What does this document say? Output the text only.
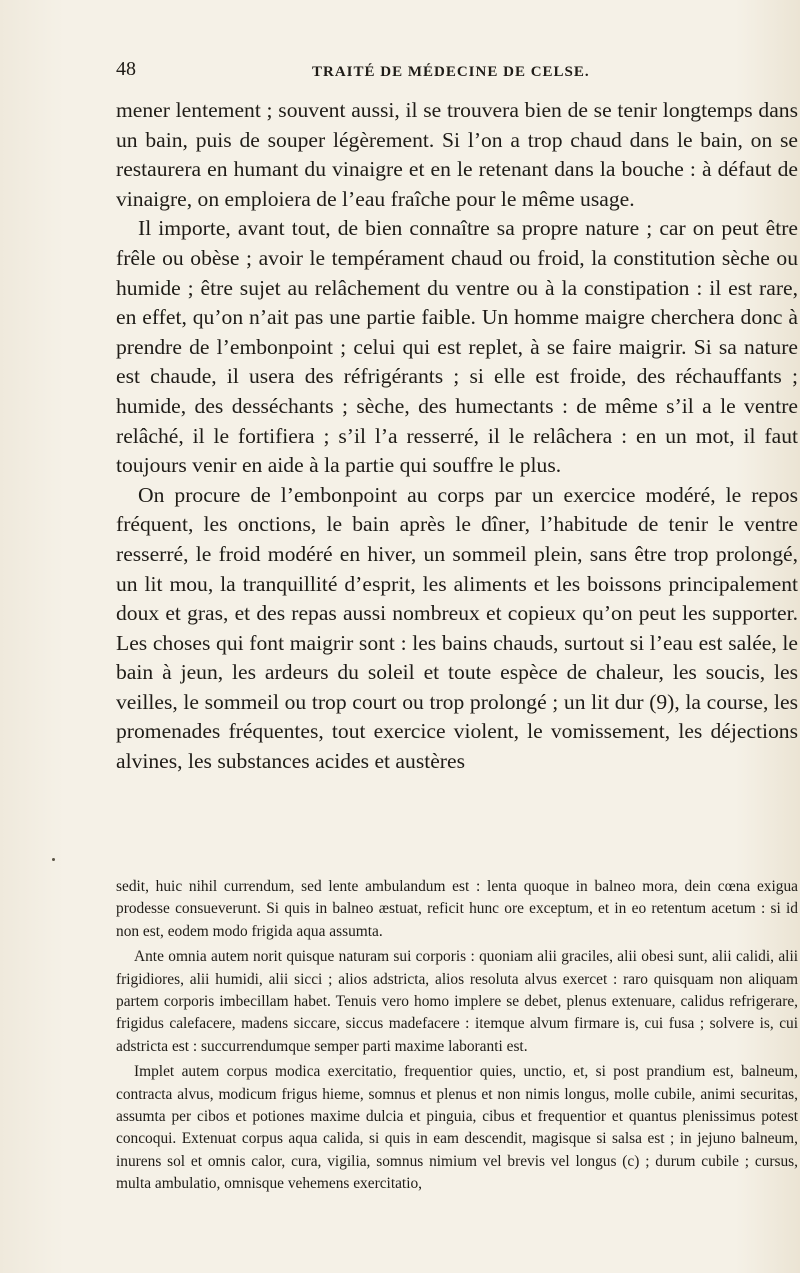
48	TRAITÉ DE MÉDECINE DE CELSE.

mener lentement ; souvent aussi, il se trouvera bien de se tenir longtemps dans un bain, puis de souper légèrement. Si l’on a trop chaud dans le bain, on se restaurera en humant du vinaigre et en le retenant dans la bouche : à défaut de vinaigre, on emploiera de l’eau fraîche pour le même usage.

Il importe, avant tout, de bien connaître sa propre nature ; car on peut être frêle ou obèse ; avoir le tempérament chaud ou froid, la constitution sèche ou humide ; être sujet au relâchement du ventre ou à la constipation : il est rare, en effet, qu’on n’ait pas une partie faible. Un homme maigre cherchera donc à prendre de l’embonpoint ; celui qui est replet, à se faire maigrir. Si sa nature est chaude, il usera des réfrigérants ; si elle est froide, des réchauffants ; humide, des desséchants ; sèche, des humectants : de même s’il a le ventre relâché, il le fortifiera ; s’il l’a resserré, il le relâchera : en un mot, il faut toujours venir en aide à la partie qui souffre le plus.

On procure de l’embonpoint au corps par un exercice modéré, le repos fréquent, les onctions, le bain après le dîner, l’habitude de tenir le ventre resserré, le froid modéré en hiver, un sommeil plein, sans être trop prolongé, un lit mou, la tranquillité d’esprit, les aliments et les boissons principalement doux et gras, et des repas aussi nombreux et copieux qu’on peut les supporter. Les choses qui font maigrir sont : les bains chauds, surtout si l’eau est salée, le bain à jeun, les ardeurs du soleil et toute espèce de chaleur, les soucis, les veilles, le sommeil ou trop court ou trop prolongé ; un lit dur (9), la course, les promenades fréquentes, tout exercice violent, le vomissement, les déjections alvines, les substances acides et austères

sedit, huic nihil currendum, sed lente ambulandum est : lenta quoque in balneo mora, dein cœna exigua prodesse consueverunt. Si quis in balneo æstuat, reficit hunc ore exceptum, et in eo retentum acetum : si id non est, eodem modo frigida aqua assumta.

Ante omnia autem norit quisque naturam sui corporis : quoniam alii graciles, alii obesi sunt, alii calidi, alii frigidiores, alii humidi, alii sicci ; alios adstricta, alios resoluta alvus exercet : raro quisquam non aliquam partem corporis imbecillam habet. Tenuis vero homo implere se debet, plenus extenuare, calidus refrigerare, frigidus calefacere, madens siccare, siccus madefacere : itemque alvum firmare is, cui fusa ; solvere is, cui adstricta est : succurrendumque semper parti maxime laboranti est.

Implet autem corpus modica exercitatio, frequentior quies, unctio, et, si post prandium est, balneum, contracta alvus, modicum frigus hieme, somnus et plenus et non nimis longus, molle cubile, animi securitas, assumta per cibos et potiones maxime dulcia et pinguia, cibus et frequentior et quantus plenissimus potest concoqui. Extenuat corpus aqua calida, si quis in eam descendit, magisque si salsa est ; in jejuno balneum, inurens sol et omnis calor, cura, vigilia, somnus nimium vel brevis vel longus (c) ; durum cubile ; cursus, multa ambulatio, omnisque vehemens exercitatio,
